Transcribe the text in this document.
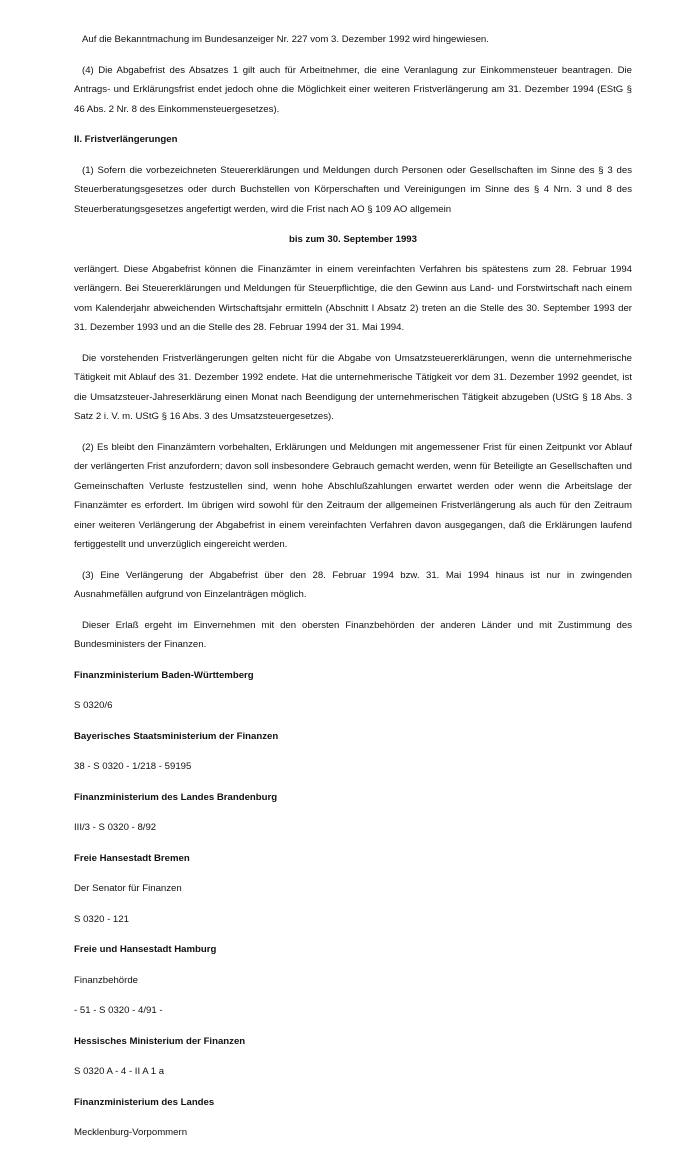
Auf die Bekanntmachung im Bundesanzeiger Nr. 227 vom 3. Dezember 1992 wird hingewiesen.

(4) Die Abgabefrist des Absatzes 1 gilt auch für Arbeitnehmer, die eine Veranlagung zur Einkommensteuer beantragen. Die Antrags- und Erklärungsfrist endet jedoch ohne die Möglichkeit einer weiteren Fristverlängerung am 31. Dezember 1994 (EStG § 46 Abs. 2 Nr. 8 des Einkommensteuergesetzes).

II. Fristverlängerungen

(1) Sofern die vorbezeichneten Steuererklärungen und Meldungen durch Personen oder Gesellschaften im Sinne des § 3 des Steuerberatungsgesetzes oder durch Buchstellen von Körperschaften und Vereinigungen im Sinne des § 4 Nrn. 3 und 8 des Steuerberatungsgesetzes angefertigt werden, wird die Frist nach AO § 109 AO allgemein

bis zum 30. September 1993

verlängert. Diese Abgabefrist können die Finanzämter in einem vereinfachten Verfahren bis spätestens zum 28. Februar 1994 verlängern. Bei Steuererklärungen und Meldungen für Steuerpflichtige, die den Gewinn aus Land- und Forstwirtschaft nach einem vom Kalenderjahr abweichenden Wirtschaftsjahr ermitteln (Abschnitt I Absatz 2) treten an die Stelle des 30. September 1993 der 31. Dezember 1993 und an die Stelle des 28. Februar 1994 der 31. Mai 1994.

Die vorstehenden Fristverlängerungen gelten nicht für die Abgabe von Umsatzsteuererklärungen, wenn die unternehmerische Tätigkeit mit Ablauf des 31. Dezember 1992 endete. Hat die unternehmerische Tätigkeit vor dem 31. Dezember 1992 geendet, ist die Umsatzsteuer-Jahreserklärung einen Monat nach Beendigung der unternehmerischen Tätigkeit abzugeben (UStG § 18 Abs. 3 Satz 2 i. V. m. UStG § 16 Abs. 3 des Umsatzsteuergesetzes).

(2) Es bleibt den Finanzämtern vorbehalten, Erklärungen und Meldungen mit angemessener Frist für einen Zeitpunkt vor Ablauf der verlängerten Frist anzufordern; davon soll insbesondere Gebrauch gemacht werden, wenn für Beteiligte an Gesellschaften und Gemeinschaften Verluste festzustellen sind, wenn hohe Abschlußzahlungen erwartet werden oder wenn die Arbeitslage der Finanzämter es erfordert. Im übrigen wird sowohl für den Zeitraum der allgemeinen Fristverlängerung als auch für den Zeitraum einer weiteren Verlängerung der Abgabefrist in einem vereinfachten Verfahren davon ausgegangen, daß die Erklärungen laufend fertiggestellt und unverzüglich eingereicht werden.

(3) Eine Verlängerung der Abgabefrist über den 28. Februar 1994 bzw. 31. Mai 1994 hinaus ist nur in zwingenden Ausnahmefällen aufgrund von Einzelanträgen möglich.

Dieser Erlaß ergeht im Einvernehmen mit den obersten Finanzbehörden der anderen Länder und mit Zustimmung des Bundesministers der Finanzen.

Finanzministerium Baden-Württemberg

S 0320/6

Bayerisches Staatsministerium der Finanzen

38 - S 0320 - 1/218 - 59195

Finanzministerium des Landes Brandenburg

III/3 - S 0320 - 8/92

Freie Hansestadt Bremen

Der Senator für Finanzen

S 0320 - 121

Freie und Hansestadt Hamburg

Finanzbehörde

- 51 - S 0320 - 4/91 -

Hessisches Ministerium der Finanzen

S 0320 A - 4 - II A 1 a

Finanzministerium des Landes

Mecklenburg-Vorpommern
